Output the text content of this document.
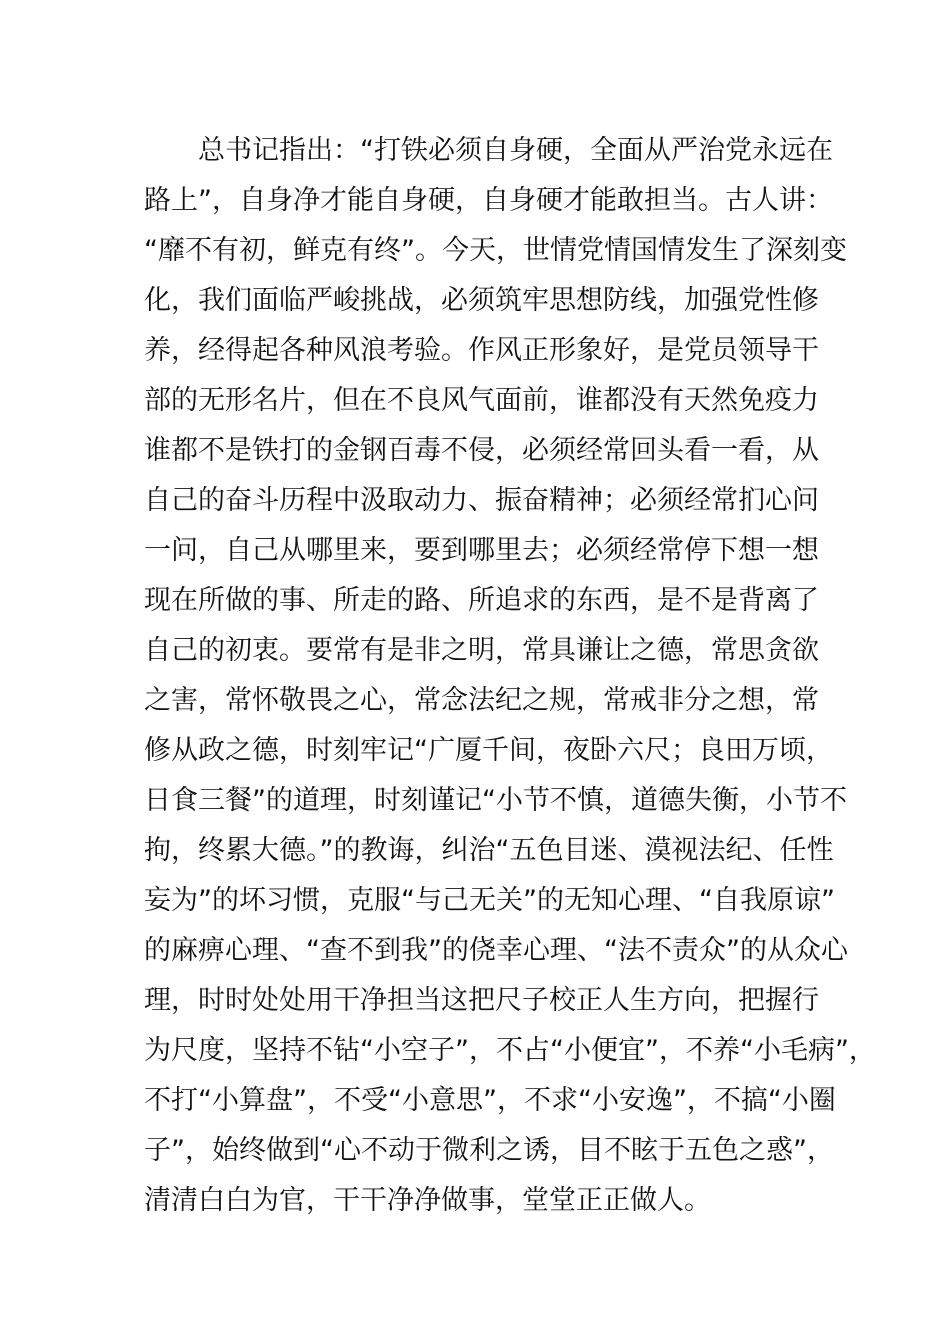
总书记指出：“打铁必须自身硬，全面从严治党永远在
路上”，自身净才能自身硬，自身硬才能敢担当。古人讲：
“靡不有初，鲜克有终”。今天，世情党情国情发生了深刻变
化，我们面临严峻挑战，必须筑牢思想防线，加强党性修
养，经得起各种风浪考验。作风正形象好，是党员领导干
部的无形名片，但在不良风气面前，谁都没有天然免疫力
谁都不是铁打的金钢百毒不侵，必须经常回头看一看，从
自己的奋斗历程中汲取动力、振奋精神；必须经常扪心问
一问，自己从哪里来，要到哪里去；必须经常停下想一想
现在所做的事、所走的路、所追求的东西，是不是背离了
自己的初衷。要常有是非之明，常具谦让之德，常思贪欲
之害，常怀敬畏之心，常念法纪之规，常戒非分之想，常
修从政之德，时刻牢记“广厦千间，夜卧六尺；良田万顷，
日食三餐”的道理，时刻谨记“小节不慎，道德失衡，小节不
拘，终累大德。”的教诲，纠治“五色目迷、漠视法纪、任性
妄为”的坏习惯，克服“与己无关”的无知心理、“自我原谅”
的麻痹心理、“查不到我”的侥幸心理、“法不责众”的从众心
理，时时处处用干净担当这把尺子校正人生方向，把握行
为尺度，坚持不钻“小空子”，不占“小便宜”，不养“小毛病”，
不打“小算盘”，不受“小意思”，不求“小安逸”，不搞“小圈
子”，始终做到“心不动于微利之诱，目不眩于五色之惑”，
清清白白为官，干干净净做事，堂堂正正做人。
